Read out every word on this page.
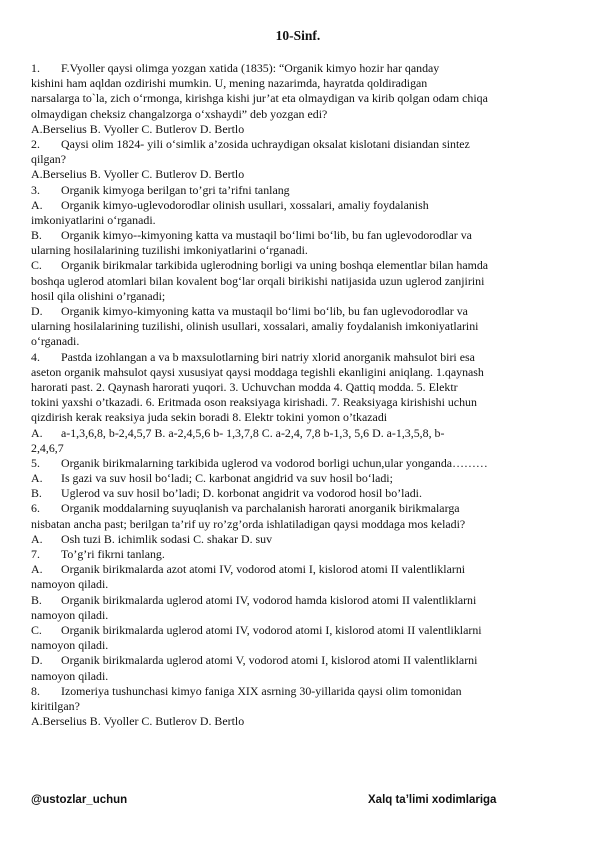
10-Sinf.
1. F.Vyoller qaysi olimga yozgan xatida (1835): “Organik kimyo hozir har qanday
kishini ham aqldan ozdirishi mumkin. U, mening nazarimda, hayratda qoldiradigan
narsalarga to`la, zich o‘rmonga, kirishga kishi jur’at eta olmaydigan va kirib qolgan odam chiqa
olmaydigan cheksiz changalzorga o‘xshaydi” deb yozgan edi?
A.Berselius B. Vyoller C. Butlerov D. Bertlo
2. Qaysi olim 1824- yili o‘simlik a’zosida uchraydigan oksalat kislotani disiandan sintez
qilgan?
A.Berselius B. Vyoller C. Butlerov D. Bertlo
3. Organik kimyoga berilgan to’gri ta’rifni tanlang
A. Organik kimyo-uglevodorodlar olinish usullari, xossalari, amaliy foydalanish
imkoniyatlarini o‘rganadi.
B. Organik kimyo--kimyoning katta va mustaqil bo‘limi bo‘lib, bu fan uglevodorodlar va
ularning hosilalarining tuzilishi imkoniyatlarini o‘rganadi.
C. Organik birikmalar tarkibida uglerodning borligi va uning boshqa elementlar bilan hamda
boshqa uglerod atomlari bilan kovalent bog‘lar orqali birikishi natijasida uzun uglerod zanjirini
hosil qila olishini o’rganadi;
D. Organik kimyo-kimyoning katta va mustaqil bo‘limi bo‘lib, bu fan uglevodorodlar va
ularning hosilalarining tuzilishi, olinish usullari, xossalari, amaliy foydalanish imkoniyatlarini
o‘rganadi.
4. Pastda izohlangan a va b maxsulotlarning biri natriy xlorid anorganik mahsulot biri esa
aseton organik mahsulot qaysi xususiyat qaysi moddaga tegishli ekanligini aniqlang. 1.qaynash
harorati past. 2. Qaynash harorati yuqori. 3. Uchuvchan modda 4. Qattiq modda. 5. Elektr
tokini yaxshi o’tkazadi. 6. Eritmada oson reaksiyaga kirishadi. 7. Reaksiyaga kirishishi uchun
qizdirish kerak reaksiya juda sekin boradi 8. Elektr tokini yomon o’tkazadi
A. a-1,3,6,8, b-2,4,5,7 B. a-2,4,5,6 b- 1,3,7,8 C. a-2,4, 7,8 b-1,3, 5,6 D. a-1,3,5,8, b-
2,4,6,7
5. Organik birikmalarning tarkibida uglerod va vodorod borligi uchun,ular yonganda………
A. Is gazi va suv hosil bo‘ladi; C. karbonat angidrid va suv hosil bo‘ladi;
B. Uglerod va suv hosil bo’ladi; D. korbonat angidrit va vodorod hosil bo’ladi.
6. Organik moddalarning suyuqlanish va parchalanish harorati anorganik birikmalarga
nisbatan ancha past; berilgan ta’rif uy ro’zg’orda ishlatiladigan qaysi moddaga mos keladi?
A. Osh tuzi B. ichimlik sodasi C. shakar D. suv
7. To’g’ri fikrni tanlang.
A. Organik birikmalarda azot atomi IV, vodorod atomi I, kislorod atomi II valentliklarni
namoyon qiladi.
B. Organik birikmalarda uglerod atomi IV, vodorod hamda kislorod atomi II valentliklarni
namoyon qiladi.
C. Organik birikmalarda uglerod atomi IV, vodorod atomi I, kislorod atomi II valentliklarni
namoyon qiladi.
D. Organik birikmalarda uglerod atomi V, vodorod atomi I, kislorod atomi II valentliklarni
namoyon qiladi.
8. Izomeriya tushunchasi kimyo faniga XIX asrning 30-yillarida qaysi olim tomonidan
kiritilgan?
A.Berselius B. Vyoller C. Butlerov D. Bertlo
@ustozlar_uchun	Xalq ta’limi xodimlariga
